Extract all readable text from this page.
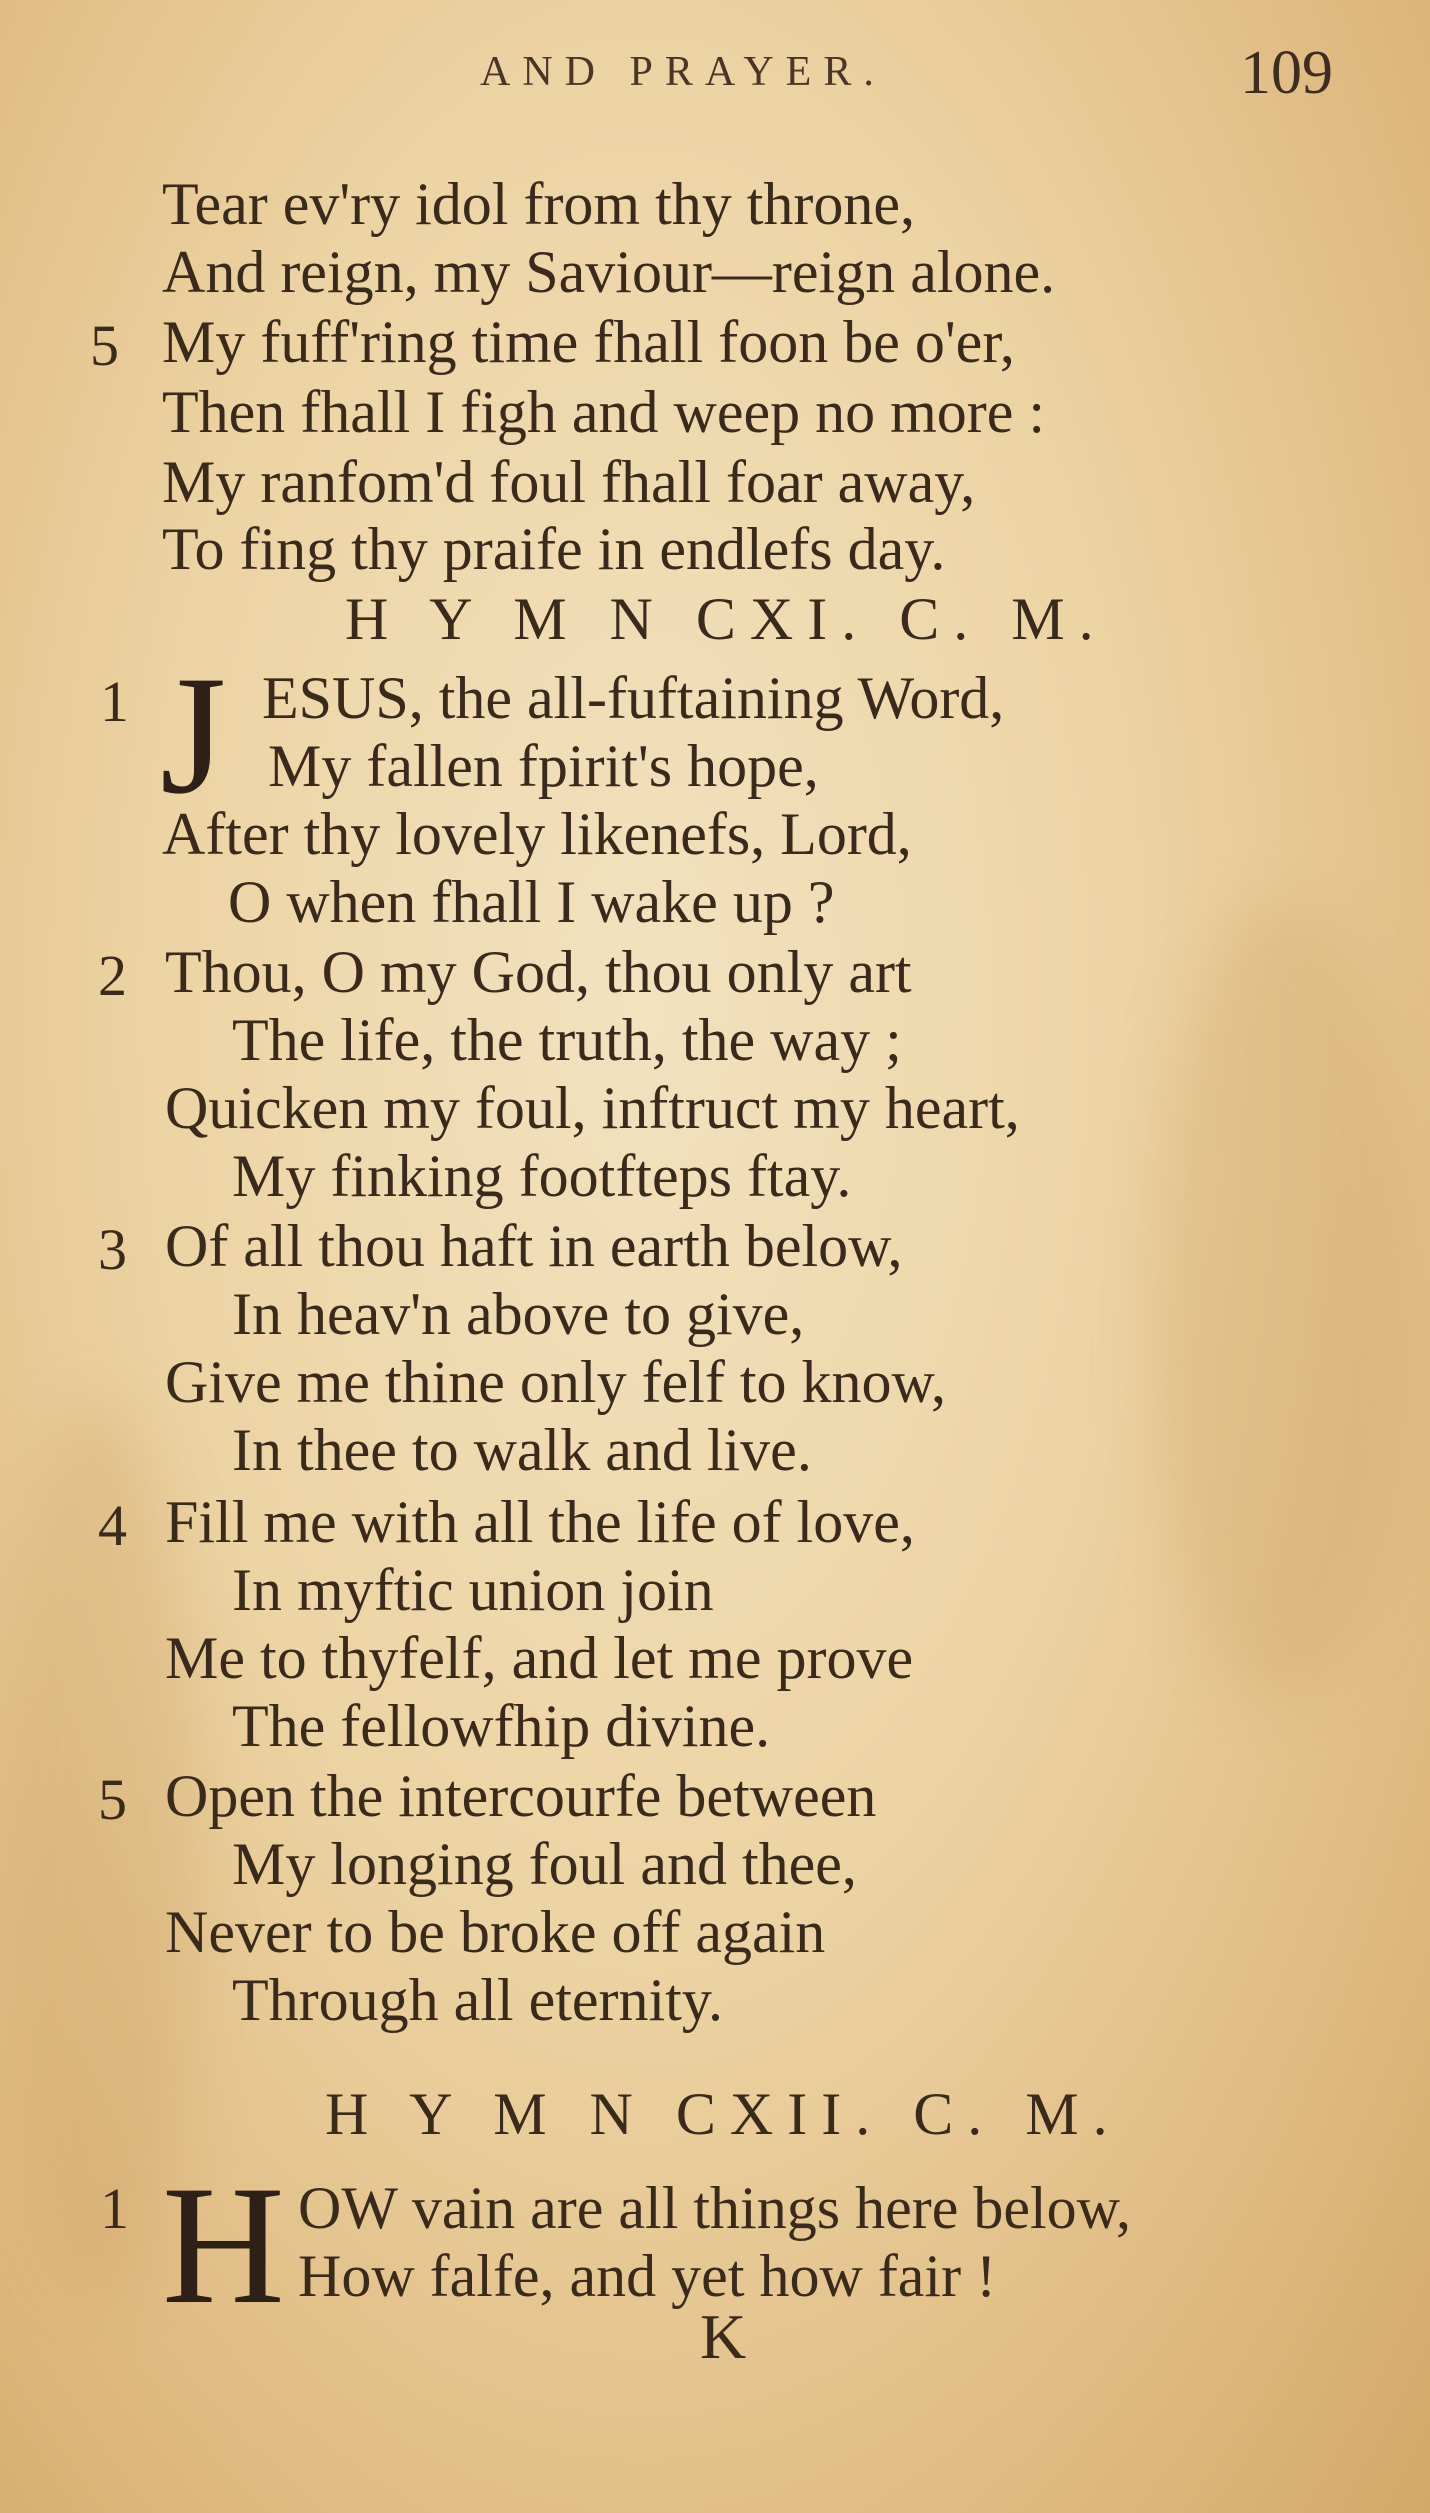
AND PRAYER.	109
Tear ev'ry idol from thy throne,
And reign, my Saviour—reign alone.
5 My fuff'ring time fhall foon be o'er,
Then fhall I figh and weep no more :
My ranfom'd foul fhall foar away,
To fing thy praife in endlefs day.
H Y M N CXI. C. M.
1 J ESUS, the all-fuftaining Word,
My fallen fpirit's hope,
After thy lovely likenefs, Lord,
O when fhall I wake up ?
2 Thou, O my God, thou only art
The life, the truth, the way ;
Quicken my foul, inftruct my heart,
My finking footfteps ftay.
3 Of all thou haft in earth below,
In heav'n above to give,
Give me thine only felf to know,
In thee to walk and live.
4 Fill me with all the life of love,
In myftic union join
Me to thyfelf, and let me prove
The fellowfhip divine.
5 Open the intercourfe between
My longing foul and thee,
Never to be broke off again
Through all eternity.
H Y M N CXII. C. M.
1 H OW vain are all things here below,
How falfe, and yet how fair !
K
